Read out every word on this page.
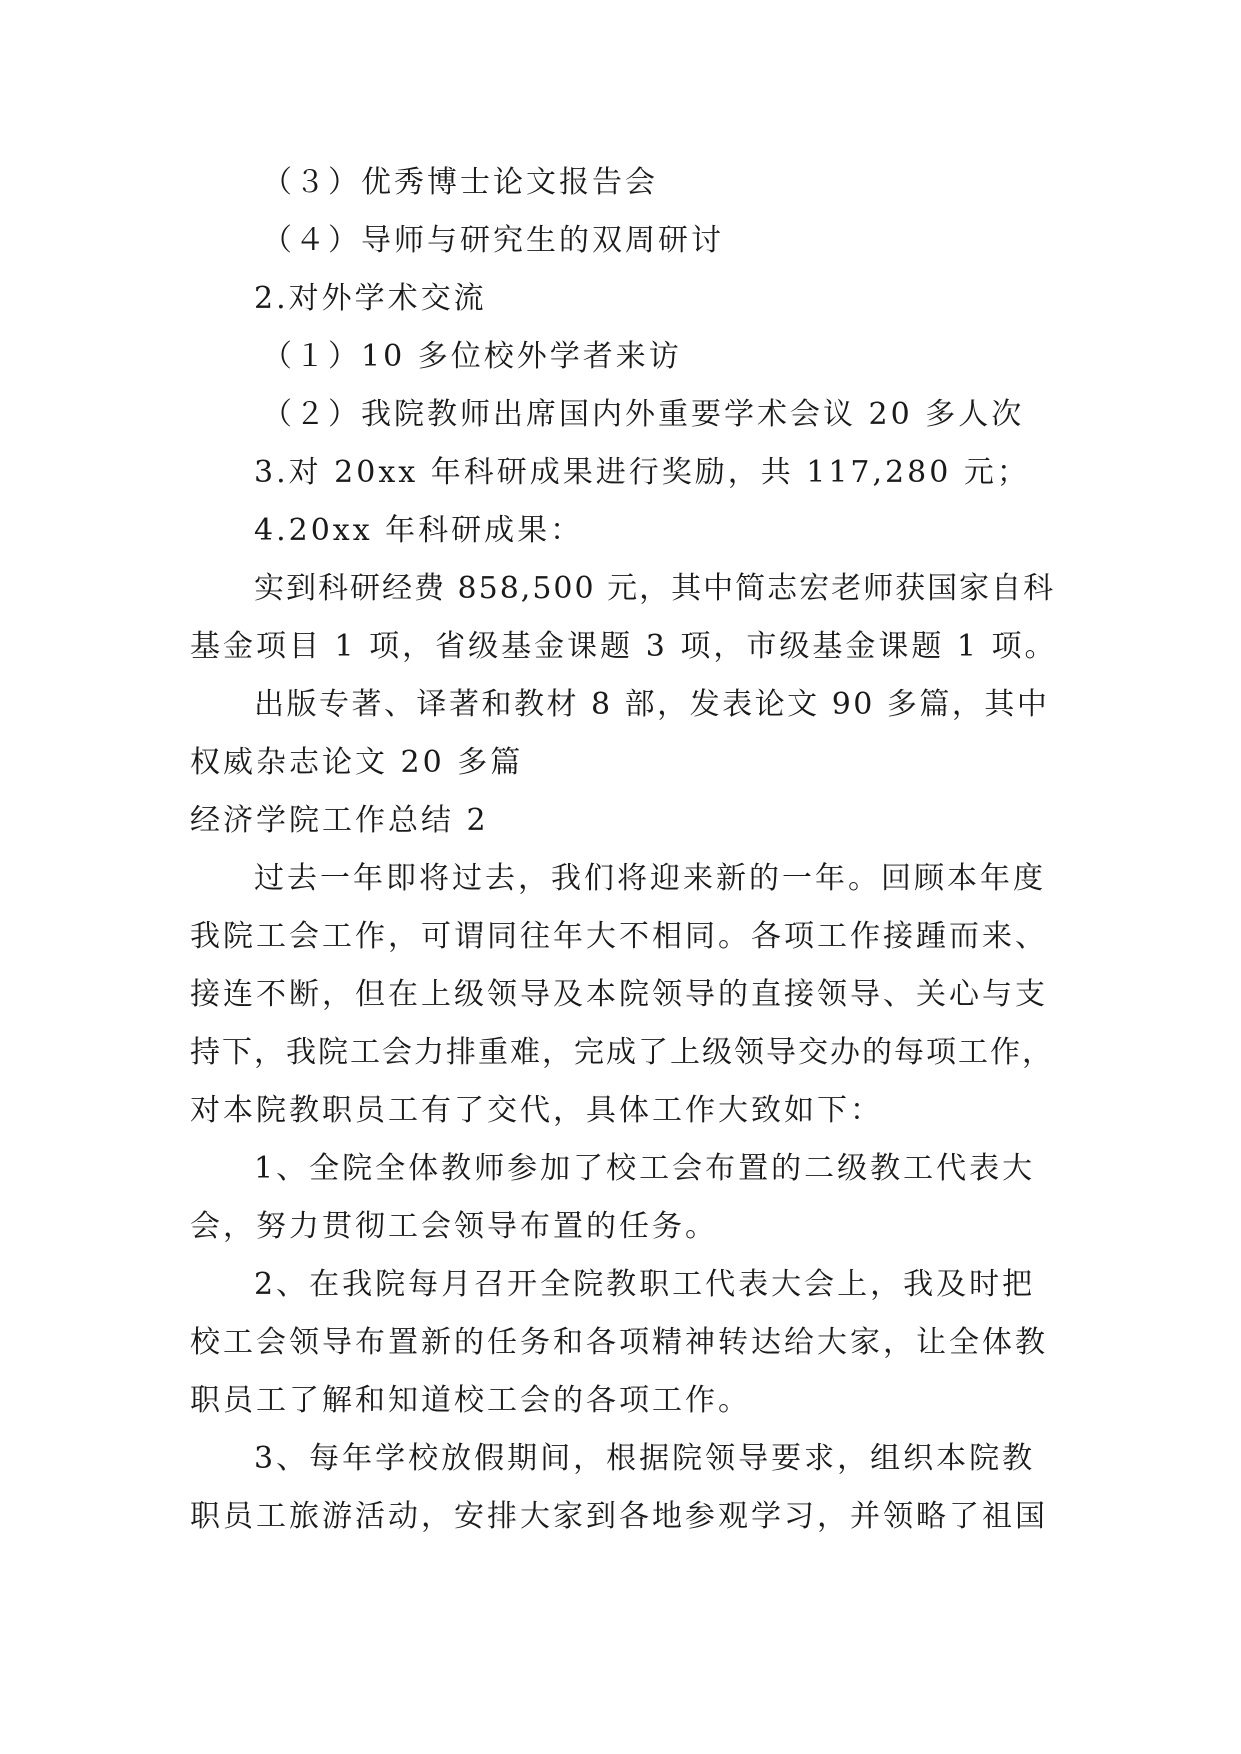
（３）优秀博士论文报告会
（４）导师与研究生的双周研讨
2.对外学术交流
（１）10 多位校外学者来访
（２）我院教师出席国内外重要学术会议 20 多人次
3.对 20xx 年科研成果进行奖励，共 117,280 元；
4.20xx 年科研成果：
实到科研经费 858,500 元，其中简志宏老师获国家自科
基金项目 1 项，省级基金课题 3 项，市级基金课题 1 项。
出版专著、译著和教材 8 部，发表论文 90 多篇，其中
权威杂志论文 20 多篇
经济学院工作总结 2
过去一年即将过去，我们将迎来新的一年。回顾本年度
我院工会工作，可谓同往年大不相同。各项工作接踵而来、
接连不断，但在上级领导及本院领导的直接领导、关心与支
持下，我院工会力排重难，完成了上级领导交办的每项工作，
对本院教职员工有了交代，具体工作大致如下：
1、全院全体教师参加了校工会布置的二级教工代表大
会，努力贯彻工会领导布置的任务。
2、在我院每月召开全院教职工代表大会上，我及时把
校工会领导布置新的任务和各项精神转达给大家，让全体教
职员工了解和知道校工会的各项工作。
3、每年学校放假期间，根据院领导要求，组织本院教
职员工旅游活动，安排大家到各地参观学习，并领略了祖国
